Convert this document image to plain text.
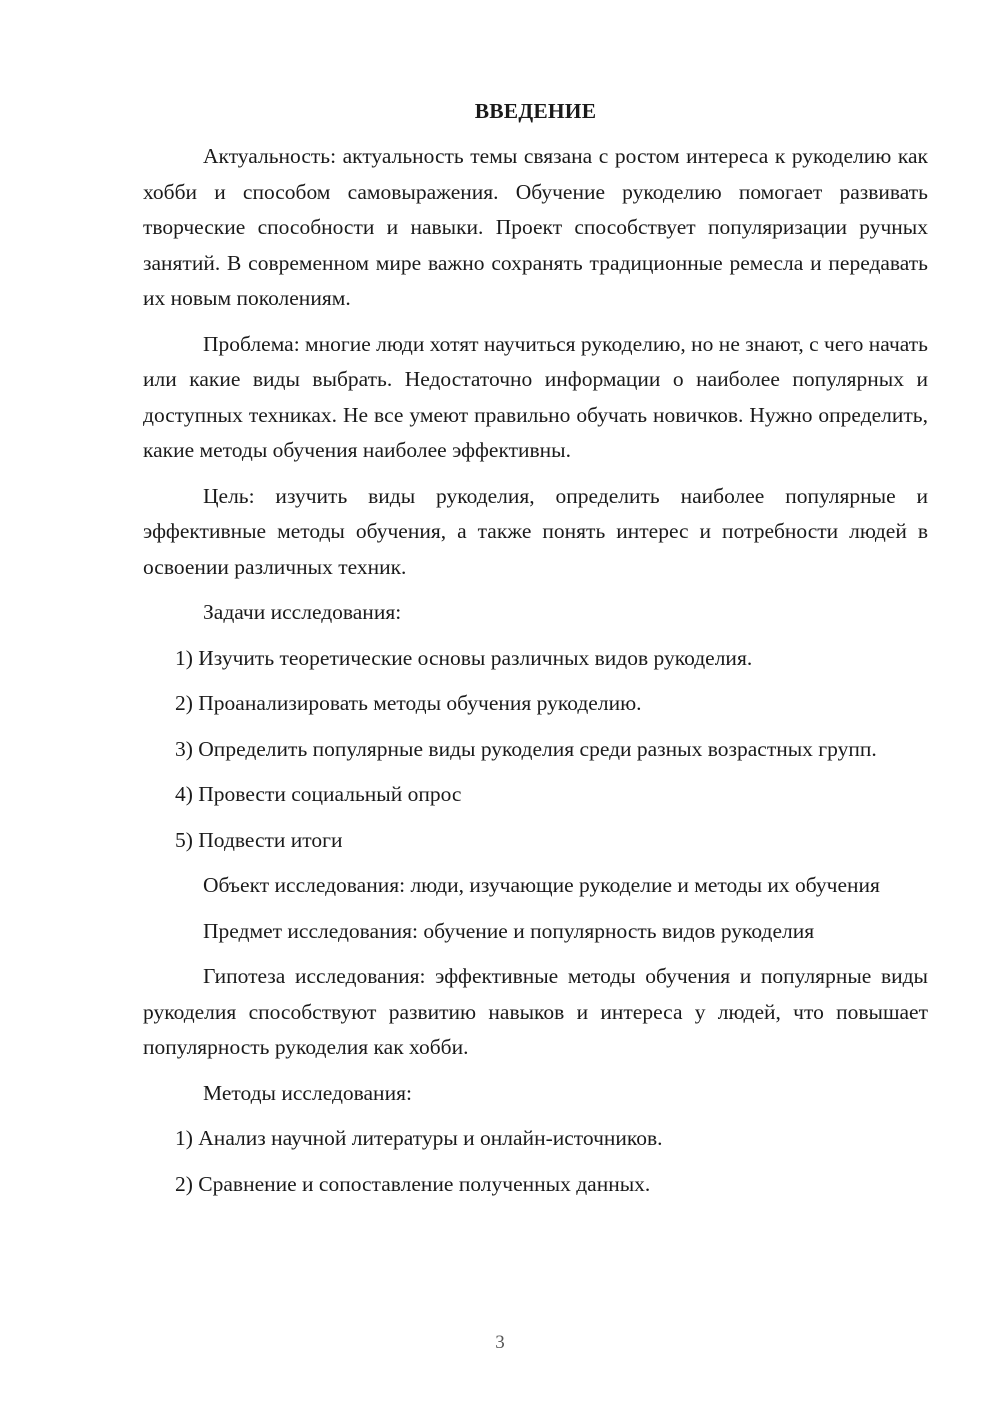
ВВЕДЕНИЕ

Актуальность: актуальность темы связана с ростом интереса к рукоделию как хобби и способом самовыражения. Обучение рукоделию помогает развивать творческие способности и навыки. Проект способствует популяризации ручных занятий. В современном мире важно сохранять традиционные ремесла и передавать их новым поколениям.

Проблема: многие люди хотят научиться рукоделию, но не знают, с чего начать или какие виды выбрать. Недостаточно информации о наиболее популярных и доступных техниках. Не все умеют правильно обучать новичков. Нужно определить, какие методы обучения наиболее эффективны.

Цель: изучить виды рукоделия, определить наиболее популярные и эффективные методы обучения, а также понять интерес и потребности людей в освоении различных техник.

Задачи исследования:

1) Изучить теоретические основы различных видов рукоделия.

2) Проанализировать методы обучения рукоделию.

3) Определить популярные виды рукоделия среди разных возрастных групп.

4) Провести социальный опрос

5) Подвести итоги

Объект исследования: люди, изучающие рукоделие и методы их обучения

Предмет исследования: обучение и популярность видов рукоделия

Гипотеза исследования: эффективные методы обучения и популярные виды рукоделия способствуют развитию навыков и интереса у людей, что повышает популярность рукоделия как хобби.

Методы исследования:

1) Анализ научной литературы и онлайн-источников.

2) Сравнение и сопоставление полученных данных.

3
